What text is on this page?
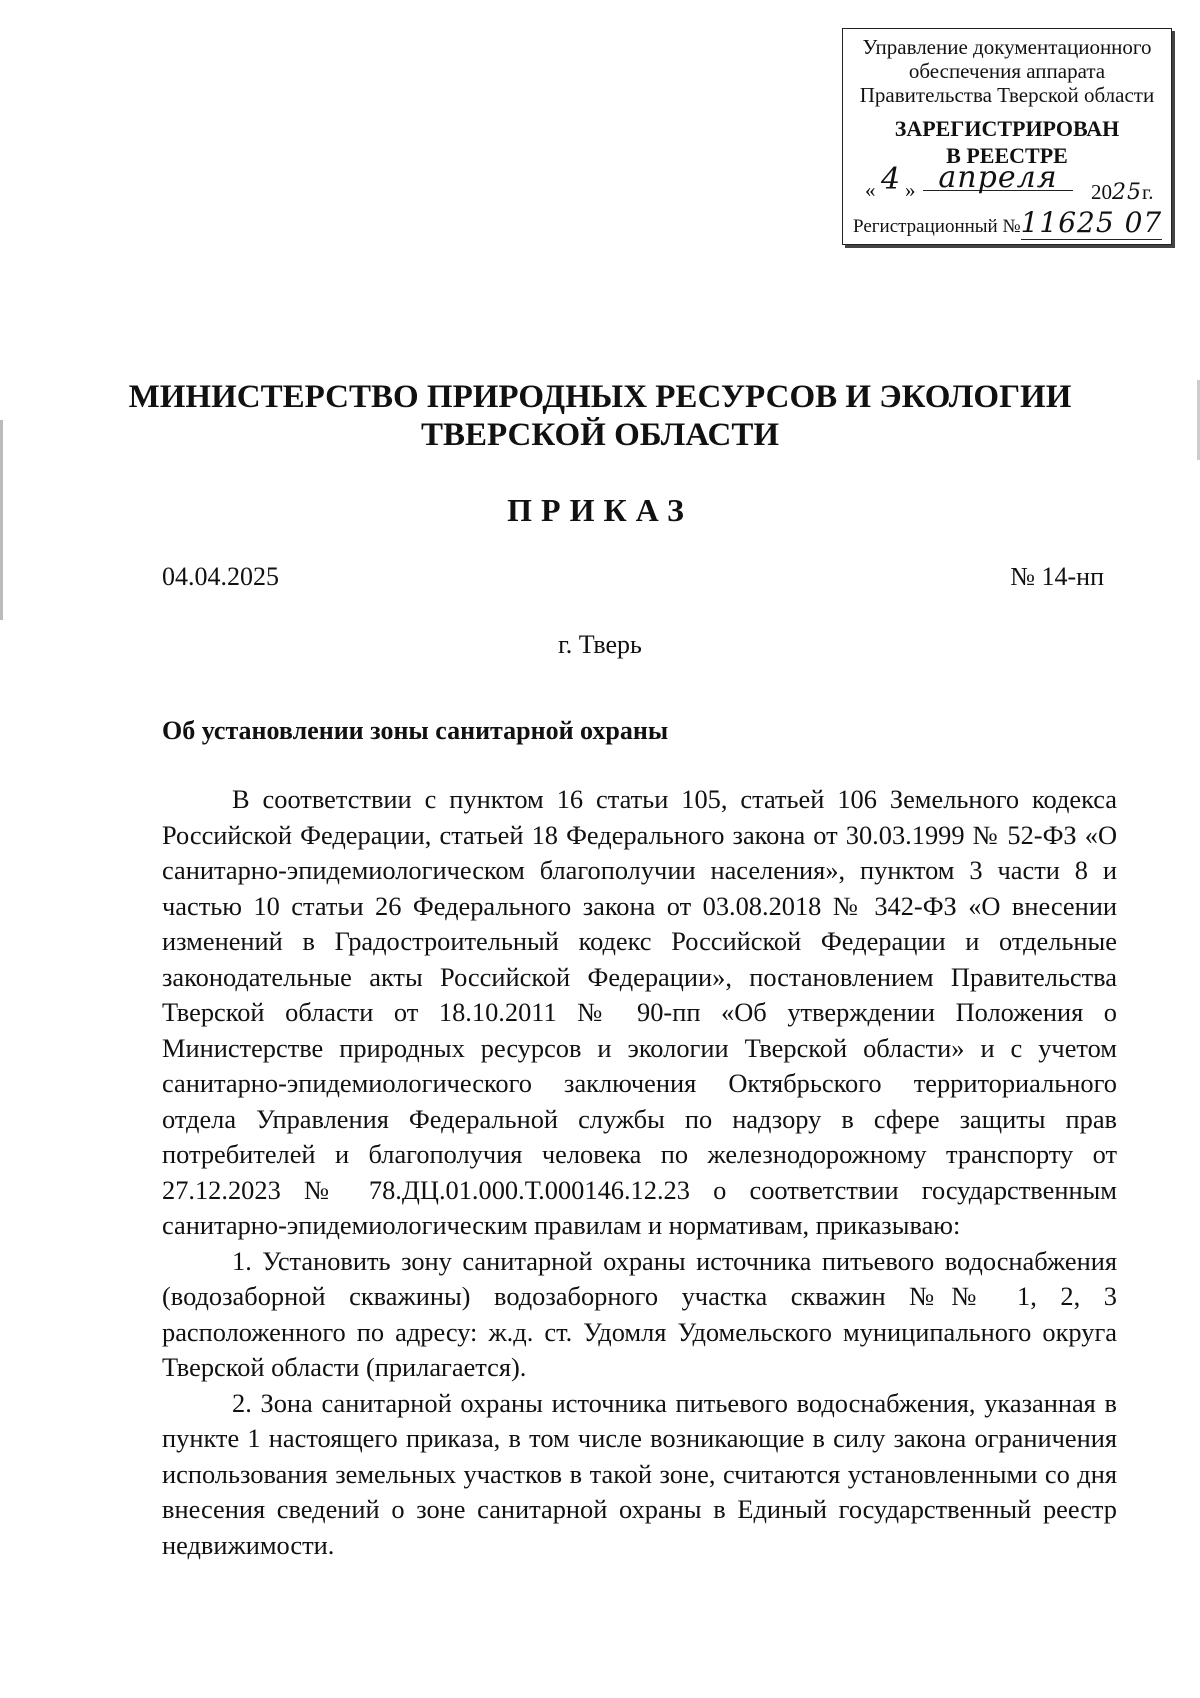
Управление документационного
обеспечения аппарата
Правительства Тверской области
ЗАРЕГИСТРИРОВАН
В РЕЕСТРЕ
« 4 » апреля	2025г.
Регистрационный №11625 07
МИНИСТЕРСТВО ПРИРОДНЫХ РЕСУРСОВ И ЭКОЛОГИИ
ТВЕРСКОЙ ОБЛАСТИ
ПРИКАЗ
04.04.2025	№ 14-нп
г. Тверь
Об установлении зоны санитарной охраны

В соответствии с пунктом 16 статьи 105, статьей 106 Земельного кодекса Российской Федерации, статьей 18 Федерального закона от 30.03.1999 № 52-ФЗ «О санитарно-эпидемиологическом благополучии населения», пунктом 3 части 8 и частью 10 статьи 26 Федерального закона от 03.08.2018 № 342-ФЗ «О внесении изменений в Градостроительный кодекс Российской Федерации и отдельные законодательные акты Российской Федерации», постановлением Правительства Тверской области от 18.10.2011 № 90-пп «Об утверждении Положения о Министерстве природных ресурсов и экологии Тверской области» и с учетом санитарно-эпидемиологического заключения Октябрьского территориального отдела Управления Федеральной службы по надзору в сфере защиты прав потребителей и благополучия человека по железнодорожному транспорту от 27.12.2023 № 78.ДЦ.01.000.Т.000146.12.23 о соответствии государственным санитарно-эпидемиологическим правилам и нормативам, приказываю:

1. Установить зону санитарной охраны источника питьевого водоснабжения (водозаборной скважины) водозаборного участка скважин №№ 1, 2, 3 расположенного по адресу: ж.д. ст. Удомля Удомельского муниципального округа Тверской области (прилагается).

2. Зона санитарной охраны источника питьевого водоснабжения, указанная в пункте 1 настоящего приказа, в том числе возникающие в силу закона ограничения использования земельных участков в такой зоне, считаются установленными со дня внесения сведений о зоне санитарной охраны в Единый государственный реестр недвижимости.
